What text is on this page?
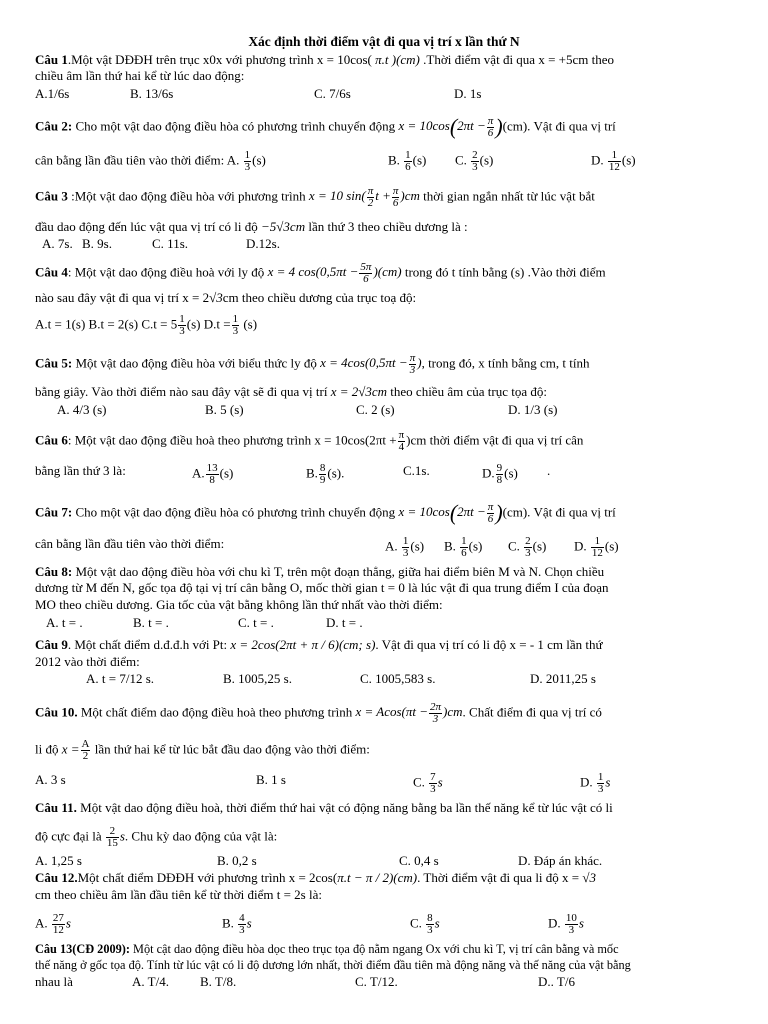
Xác định thời điểm vật đi qua vị trí x lần thứ N
Câu 1.Một vật DĐĐH trên trục x0x với phương trình x = 10cos( π.t )(cm) .Thời điểm vật đi qua x = +5cm theo
chiều âm lần thứ hai kể từ lúc dao động:
A.1/6s	B. 13/6s	C. 7/6s	D. 1s
Câu 2: Cho một vật dao động điều hòa có phương trình chuyển động $x = 10\cos(2\pi t - \frac{\pi}{6} )(cm)$. Vật đi qua vị trí
cân bằng lần đầu tiên vào thời điểm: A. $\frac{1}{3} (s)$	B. $\frac{1}{6} (s)$ C. $\frac{2}{3} (s)$	D. $\frac{1}{12} (s)$
Câu 3 :Một vật dao động điều hòa với phương trình x = 10 $\sin( \frac{\pi}{2}$ $t + \frac{\pi}{6} )cm$ thời gian ngắn nhất từ lúc vật bắt
đầu dao động đến lúc vật qua vị trí có li độ −5√3cm lần thứ 3 theo chiều dương là :
A. 7s. B. 9s.	C. 11s.	D.12s.
Câu 4: Một vật dao động điều hoà với ly độ x = 4 $\cos(0,5\pi t - \frac{5\pi}{6} )(cm)$ trong đó t tính bằng (s) .Vào thời điểm
nào sau đây vật đi qua vị trí x = 2√3cm theo chiều dương của trục toạ độ:
A.t = 1(s) B.t = 2(s) $C.t = 5 \frac{1}{3} (s) D.t = \frac{1}{3} (s)$
Câu 5: Một vật dao động điều hòa với biểu thức ly độ $x = 4\cos(0,5\pi t - \frac{\pi}{3}$ ), trong đó, x tính bằng cm, t tính
bằng giây. Vào thời điểm nào sau đây vật sẽ đi qua vị trí x = 2√3cm theo chiều âm của trục tọa độ:
A. 4/3 (s)	B. 5 (s)	C. 2 (s)	D. 1/3 (s)
Câu 6: Một vật dao động điều hoà theo phương trình $x = 10\cos(2\pi t + \frac{\pi}{4} )cm$ thời điểm vật đi qua vị trí cân
bằng lần thứ 3 là:	A. $\frac{13}{8} (s)$	B. $\frac{8}{9} (s)$.	C.1s.	D. $\frac{9}{8} (s)$ .
Câu 7: Cho một vật dao động điều hòa có phương trình chuyển động $x = 10\cos(2\pi t - \frac{\pi}{6} )(cm)$. Vật đi qua vị trí
cân bằng lần đầu tiên vào thời điểm:	A. $\frac{1}{3} (s)$ B. $\frac{1}{6} (s)$ C. $\frac{2}{3} (s)$ D. $\frac{1}{12} (s)$
Câu 8: Một vật dao động điều hòa với chu kì T, trên một đoạn thẳng, giữa hai điểm biên M và N. Chọn chiều
dương từ M đến N, gốc tọa độ tại vị trí cân bằng O, mốc thời gian t = 0 là lúc vật đi qua trung điểm I của đoạn
MO theo chiều dương. Gia tốc của vật bằng không lần thứ nhất vào thời điểm:
A. t = .	B. t = .	C. t = .	D. t = .
Câu 9. Một chất điểm d.đ.đ.h với Pt: x = 2cos(2πt + π / 6)(cm; s). Vật đi qua vị trí có li độ x = - 1 cm lần thứ
2012 vào thời điểm:
A. t = 7/12 s.	B. 1005,25 s.	C. 1005,583 s.	D. 2011,25 s
Câu 10. Một chất điểm dao động điều hoà theo phương trình $x = Acos(\pi t - \frac{2\pi}{3} )cm$. Chất điểm đi qua vị trí có
li độ $x = \frac{A}{2}$ lần thứ hai kể từ lúc bắt đầu dao động vào thời điểm:
A. 3 s	B. 1 s	C. $\frac{7}{3}$ s	D. $\frac{1}{3}$ s
Câu 11. Một vật dao động điều hoà, thời điểm thứ hai vật có động năng bằng ba lần thế năng kể từ lúc vật có li
độ cực đại là $\frac{2}{15} s$. Chu kỳ dao động của vật là:
A. 1,25 s	B. 0,2 s	C. 0,4 s	D. Đáp án khác.
Câu 12.Một chất điểm DĐĐH với phương trình x = 2cos(π.t − π / 2)(cm). Thời điểm vật đi qua li độ x = √3
cm theo chiều âm lần đầu tiên kể từ thời điểm t = 2s là:
A. $\frac{27}{12}$ s	B. $\frac{4}{3}$ s	C. $\frac{8}{3}$ s	D. $\frac{10}{3}$ s
Câu 13(CĐ 2009): Một cật dao động điều hòa dọc theo trục tọa độ nằm ngang Ox với chu kì T, vị trí cân bằng và mốc
thế năng ở gốc tọa độ. Tính từ lúc vật có li độ dương lớn nhất, thời điểm đầu tiên mà động năng và thế năng của vật bằng
nhau là	A. T/4. B. T/8.	C. T/12.	D.. T/6
